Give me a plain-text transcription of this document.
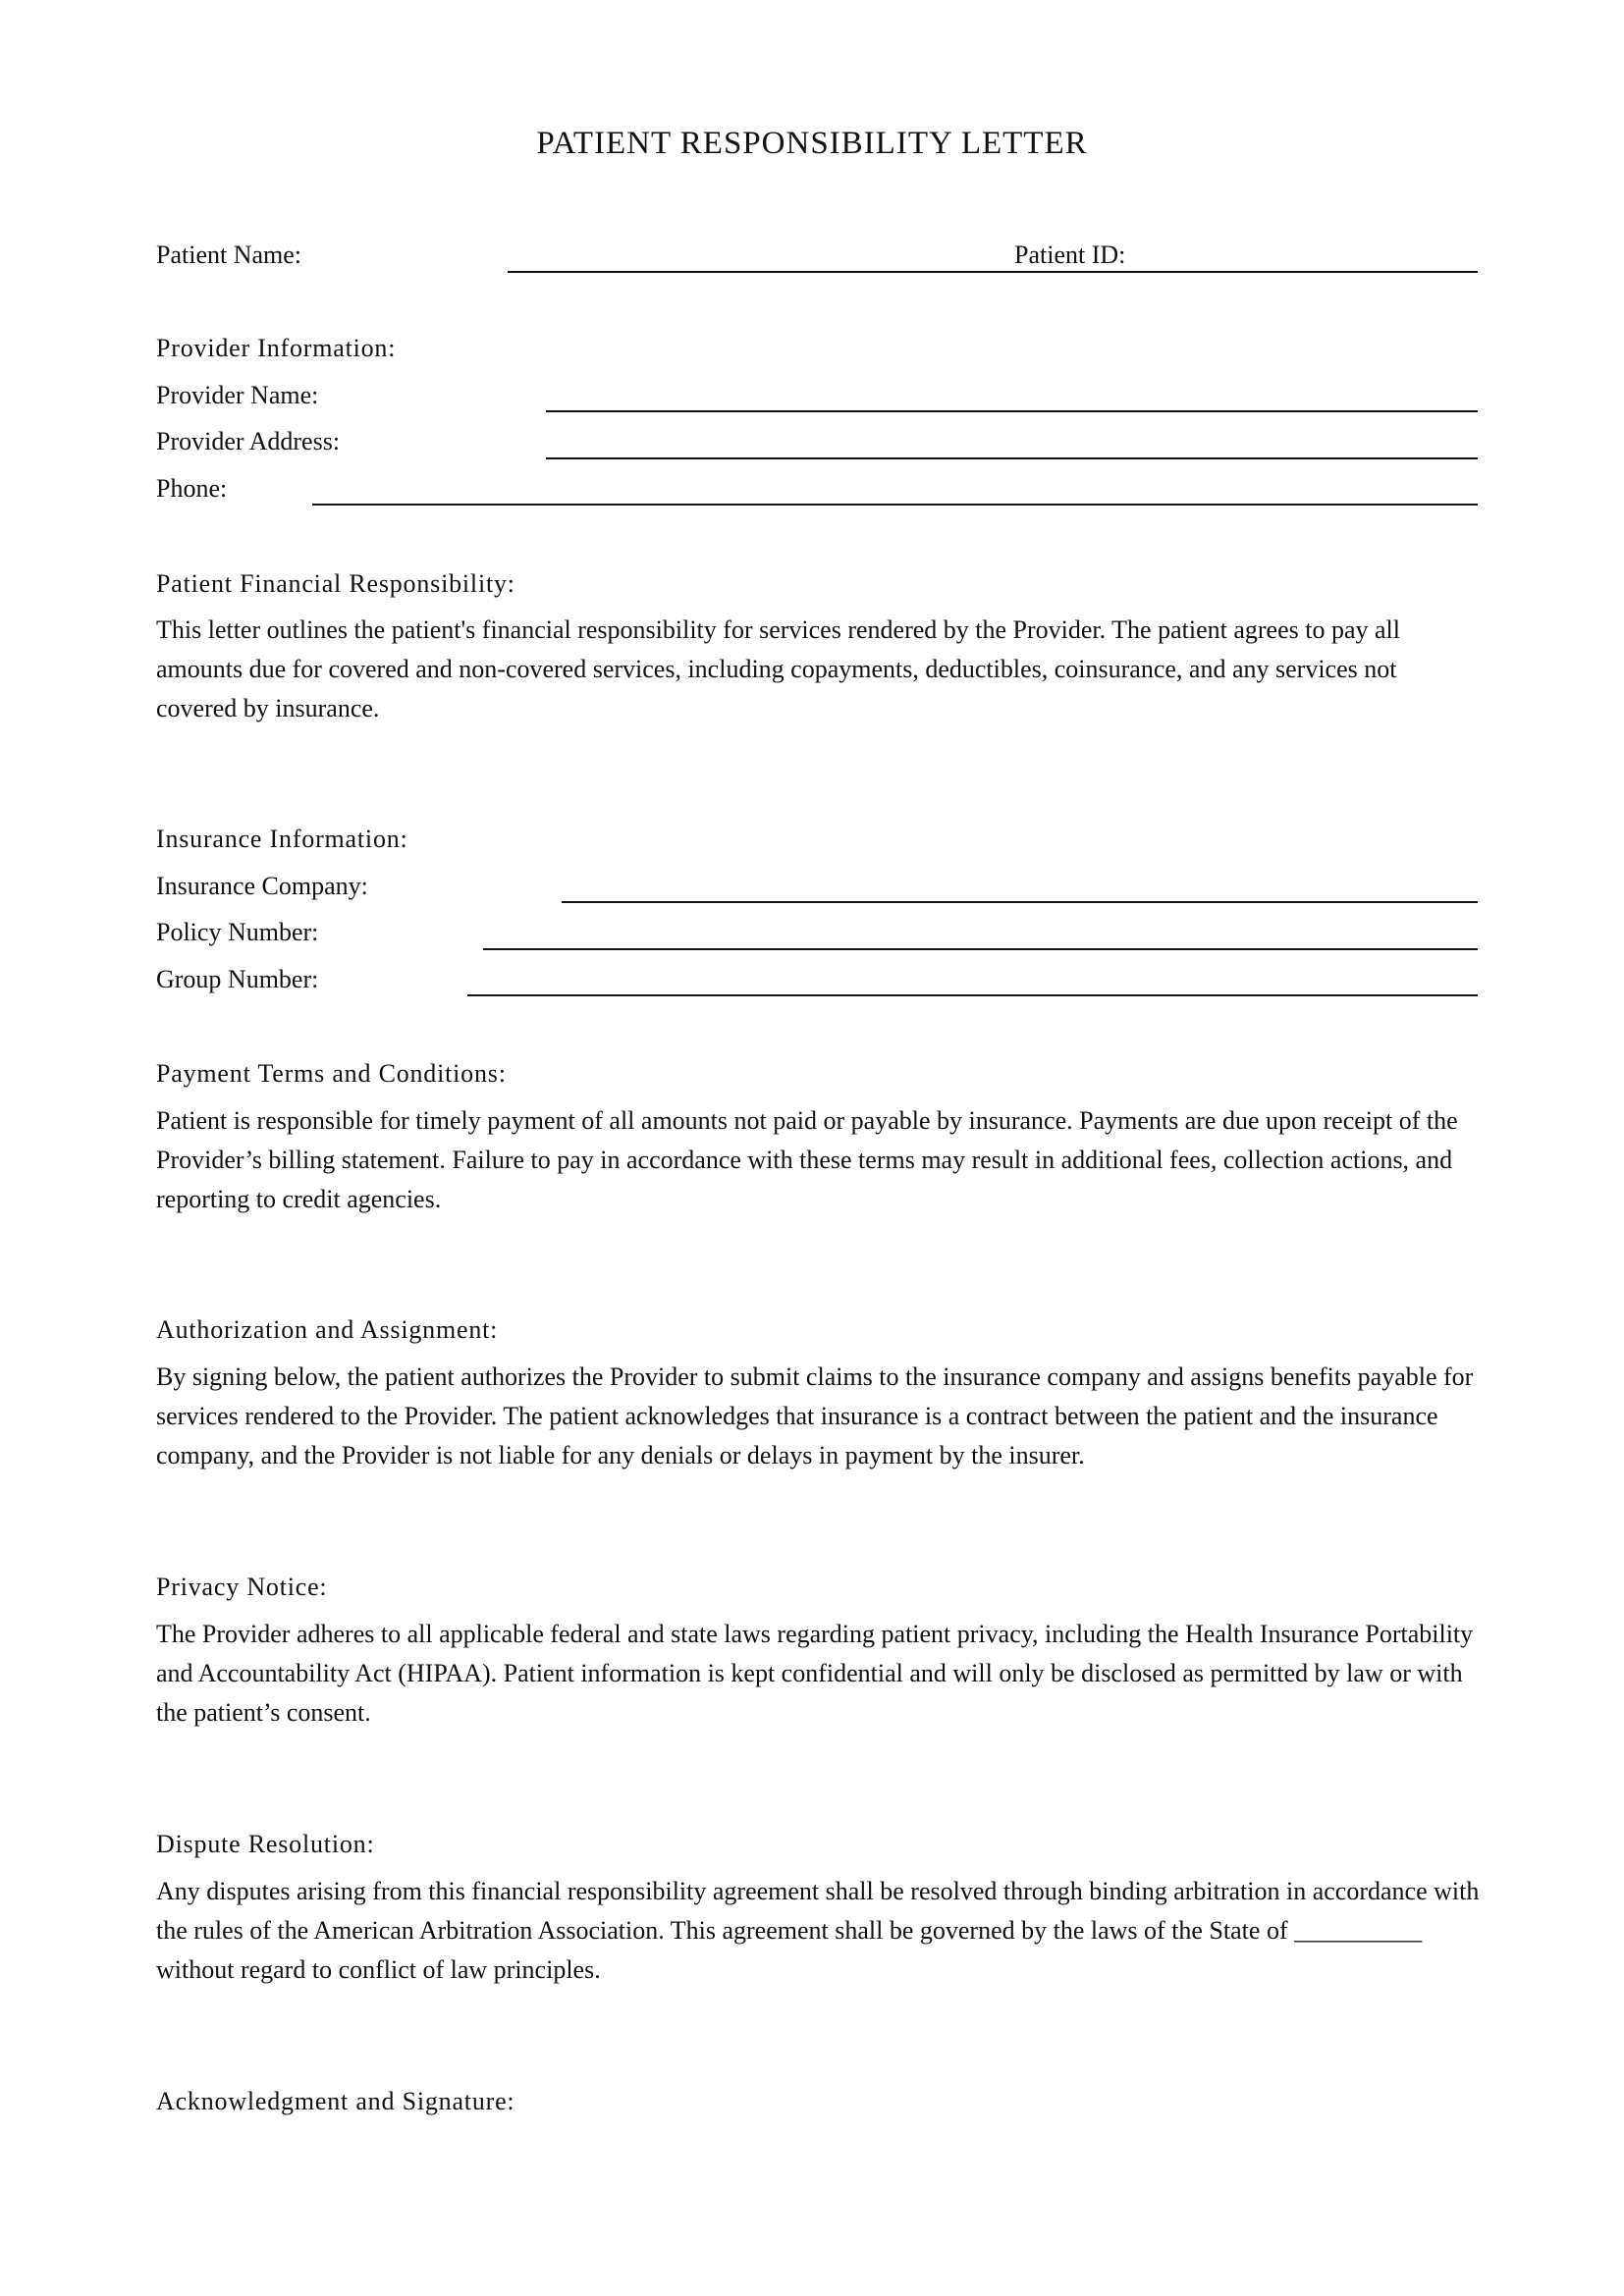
PATIENT RESPONSIBILITY LETTER
Patient Name:	Patient ID:
Provider Information:
Provider Name:
Provider Address:
Phone:
Patient Financial Responsibility:

This letter outlines the patient's financial responsibility for services rendered by the Provider. The patient agrees to pay all amounts due for covered and non-covered services, including copayments, deductibles, coinsurance, and any services not covered by insurance.

Insurance Information:
Insurance Company:
Policy Number:
Group Number:
Payment Terms and Conditions:

Patient is responsible for timely payment of all amounts not paid or payable by insurance. Payments are due upon receipt of the Provider’s billing statement. Failure to pay in accordance with these terms may result in additional fees, collection actions, and reporting to credit agencies.

Authorization and Assignment:

By signing below, the patient authorizes the Provider to submit claims to the insurance company and assigns benefits payable for services rendered to the Provider. The patient acknowledges that insurance is a contract between the patient and the insurance company, and the Provider is not liable for any denials or delays in payment by the insurer.

Privacy Notice:

The Provider adheres to all applicable federal and state laws regarding patient privacy, including the Health Insurance Portability and Accountability Act (HIPAA). Patient information is kept confidential and will only be disclosed as permitted by law or with the patient’s consent.

Dispute Resolution:

Any disputes arising from this financial responsibility agreement shall be resolved through binding arbitration in accordance with the rules of the American Arbitration Association. This agreement shall be governed by the laws of the State of __________ without regard to conflict of law principles.

Acknowledgment and Signature:
